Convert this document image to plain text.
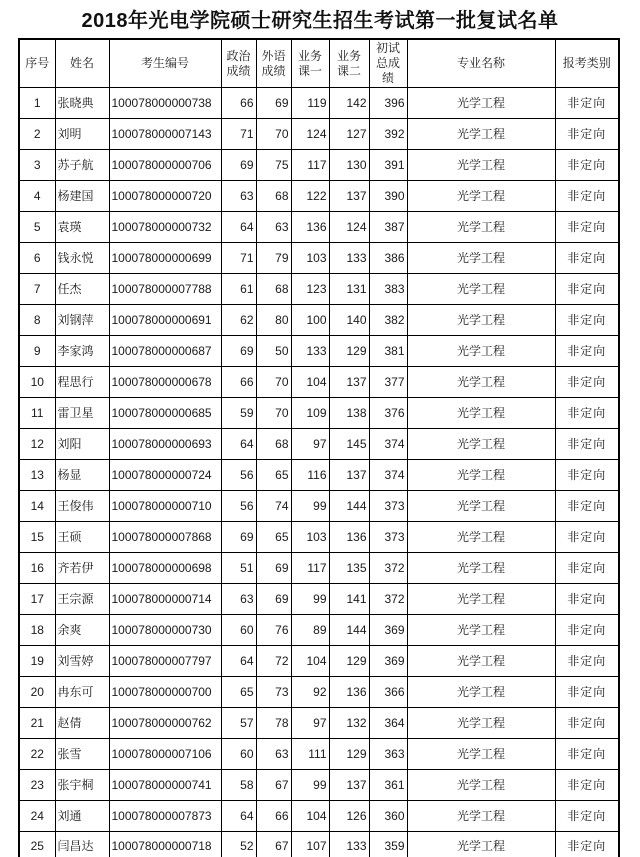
2018年光电学院硕士研究生招生考试第一批复试名单
序号	姓名	考生编号	政治成绩	外语成绩	业务课一	业务课二	初试总成绩	专业名称	报考类别
1	张晓典	100078000000738	66	69	119	142	396	光学工程	非定向
2	刘明	100078000007143	71	70	124	127	392	光学工程	非定向
3	苏子航	100078000000706	69	75	117	130	391	光学工程	非定向
4	杨建国	100078000000720	63	68	122	137	390	光学工程	非定向
5	袁瑛	100078000000732	64	63	136	124	387	光学工程	非定向
6	钱永悦	100078000000699	71	79	103	133	386	光学工程	非定向
7	任杰	100078000007788	61	68	123	131	383	光学工程	非定向
8	刘钢萍	100078000000691	62	80	100	140	382	光学工程	非定向
9	李家鸿	100078000000687	69	50	133	129	381	光学工程	非定向
10	程思行	100078000000678	66	70	104	137	377	光学工程	非定向
11	雷卫星	100078000000685	59	70	109	138	376	光学工程	非定向
12	刘阳	100078000000693	64	68	97	145	374	光学工程	非定向
13	杨显	100078000000724	56	65	116	137	374	光学工程	非定向
14	王俊伟	100078000000710	56	74	99	144	373	光学工程	非定向
15	王硕	100078000007868	69	65	103	136	373	光学工程	非定向
16	齐若伊	100078000000698	51	69	117	135	372	光学工程	非定向
17	王宗源	100078000000714	63	69	99	141	372	光学工程	非定向
18	余爽	100078000000730	60	76	89	144	369	光学工程	非定向
19	刘雪婷	100078000007797	64	72	104	129	369	光学工程	非定向
20	冉东可	100078000000700	65	73	92	136	366	光学工程	非定向
21	赵倩	100078000000762	57	78	97	132	364	光学工程	非定向
22	张雪	100078000007106	60	63	111	129	363	光学工程	非定向
23	张宇桐	100078000000741	58	67	99	137	361	光学工程	非定向
24	刘通	100078000007873	64	66	104	126	360	光学工程	非定向
25	闫昌达	100078000000718	52	67	107	133	359	光学工程	非定向
